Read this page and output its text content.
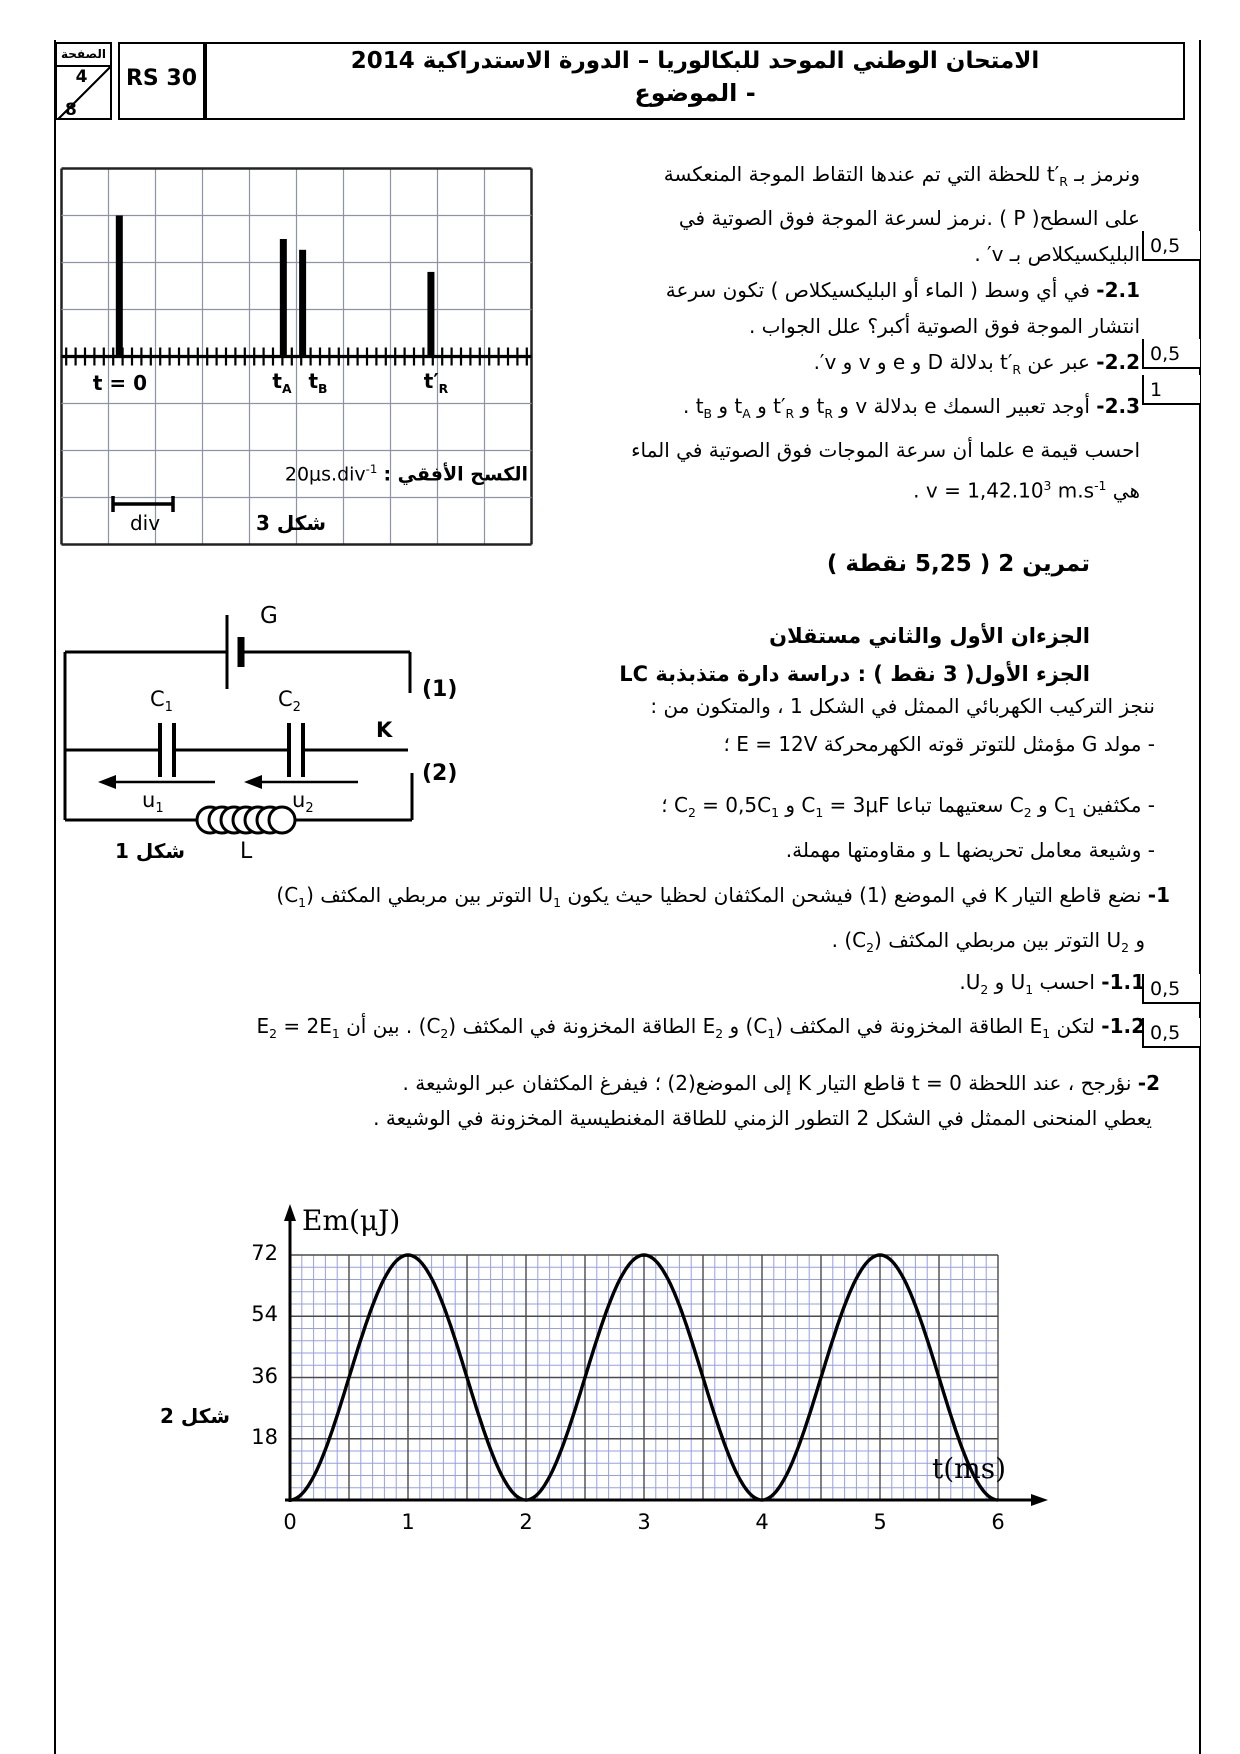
الصفحة
4
8
RS 30
الامتحان الوطني الموحد للبكالوريا – الدورة الاستدراكية 2014
- الموضوع
t = 0	$t_A$ $t_B$	$t'_R$
الكسح الأفقي : 20μs.div$^{-1}$
div	شكل 3
ونرمز بـ $t'_R$ للحظة التي تم عندها التقاط الموجة المنعكسة
على السطح( P ) .نرمز لسرعة الموجة فوق الصوتية في
البليكسيكلاص بـ v′ .
2.1- في أي وسط ( الماء أو البليكسيكلاص ) تكون سرعة
انتشار الموجة فوق الصوتية أكبر؟ علل الجواب .
2.2- عبر عن $t'_R$ بدلالة D و e و v و v′.
2.3- أوجد تعبير السمك e بدلالة v و $t_R$ و $t'_R$ و $t_A$ و $t_B$ .
احسب قيمة e علما أن سرعة الموجات فوق الصوتية في الماء
هي $v = 1,42.10^3$ $m.s^{-1}$ .
0,5
0,5
1
0,5
0,5
تمرين 2 ( 5,25 نقطة )
الجزءان الأول والثاني مستقلان
الجزء الأول( 3 نقط ) : دراسة دارة متذبذبة LC
ننجز التركيب الكهربائي الممثل في الشكل 1 ، والمتكون من :
- مولد G مؤمثل للتوتر قوته الكهرمحركة E = 12V ؛
- مكثفين $C_1$ و $C_2$ سعتيهما تباعا $C_1 = 3\mu F$ و $C_2 = 0,5C_1$ ؛
- وشيعة معامل تحريضها L و مقاومتها مهملة.
G
$C_1$	$C_2$
K
(1)
(2)
$u_1$	$u_2$
L
شكل 1
1- نضع قاطع التيار K في الموضع (1) فيشحن المكثفان لحظيا حيث يكون $U_1$ التوتر بين مربطي المكثف $(C_1)$
و $U_2$ التوتر بين مربطي المكثف $(C_2)$ .
1.1- احسب $U_1$ و $U_2$.
1.2- لتكن $E_1$ الطاقة المخزونة في المكثف $(C_1)$ و $E_2$ الطاقة المخزونة في المكثف $(C_2)$ . بين أن $E_2 = 2E_1$
2- نؤرجح ، عند اللحظة t = 0 قاطع التيار K إلى الموضع(2) ؛ فيفرغ المكثفان عبر الوشيعة .
يعطي المنحنى الممثل في الشكل 2 التطور الزمني للطاقة المغنطيسية المخزونة في الوشيعة .
18
36
54
72
0	1	2	3	4	5	6
Em(μJ)
t(ms)
شكل 2
